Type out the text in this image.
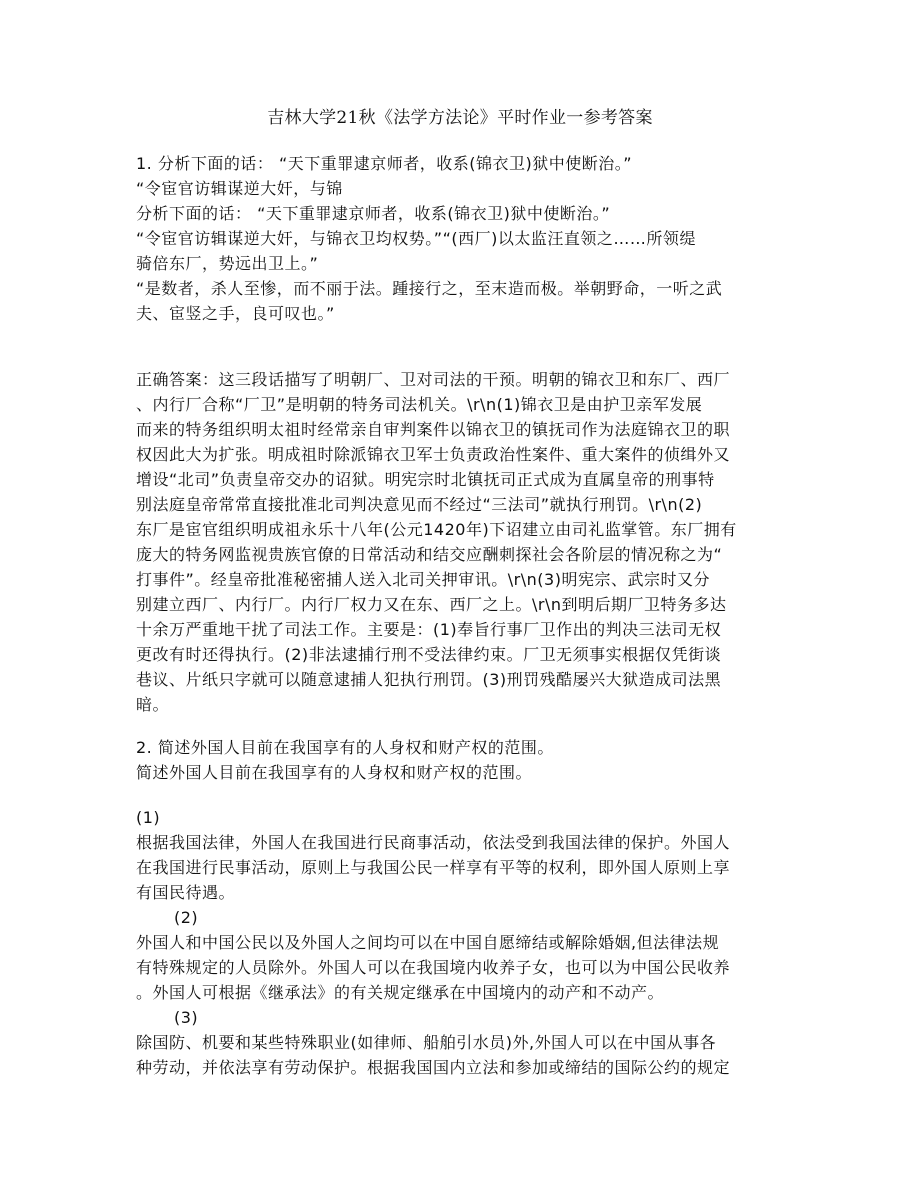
吉林大学21秋《法学方法论》平时作业一参考答案
1. 分析下面的话： “天下重罪逮京师者，收系(锦衣卫)狱中使断治。”
“令宦官访辑谋逆大奸，与锦
分析下面的话： “天下重罪逮京师者，收系(锦衣卫)狱中使断治。”
“令宦官访辑谋逆大奸，与锦衣卫均权势。”“(西厂)以太监汪直领之……所领缇
骑倍东厂，势远出卫上。”
“是数者，杀人至惨，而不丽于法。踵接行之，至末造而极。举朝野命，一听之武
夫、宦竖之手，良可叹也。”
正确答案：这三段话描写了明朝厂、卫对司法的干预。明朝的锦衣卫和东厂、西厂
、内行厂合称“厂卫”是明朝的特务司法机关。\r\n(1)锦衣卫是由护卫亲军发展
而来的特务组织明太祖时经常亲自审判案件以锦衣卫的镇抚司作为法庭锦衣卫的职
权因此大为扩张。明成祖时除派锦衣卫军士负责政治性案件、重大案件的侦缉外又
增设“北司”负责皇帝交办的诏狱。明宪宗时北镇抚司正式成为直属皇帝的刑事特
别法庭皇帝常常直接批准北司判决意见而不经过“三法司”就执行刑罚。\r\n(2)
东厂是宦官组织明成祖永乐十八年(公元1420年)下诏建立由司礼监掌管。东厂拥有
庞大的特务网监视贵族官僚的日常活动和结交应酬刺探社会各阶层的情况称之为“
打事件”。经皇帝批准秘密捕人送入北司关押审讯。\r\n(3)明宪宗、武宗时又分
别建立西厂、内行厂。内行厂权力又在东、西厂之上。\r\n到明后期厂卫特务多达
十余万严重地干扰了司法工作。主要是：(1)奉旨行事厂卫作出的判决三法司无权
更改有时还得执行。(2)非法逮捕行刑不受法律约束。厂卫无须事实根据仅凭街谈
巷议、片纸只字就可以随意逮捕人犯执行刑罚。(3)刑罚残酷屡兴大狱造成司法黑
暗。
2. 简述外国人目前在我国享有的人身权和财产权的范围。
简述外国人目前在我国享有的人身权和财产权的范围。
(1)
根据我国法律，外国人在我国进行民商事活动，依法受到我国法律的保护。外国人
在我国进行民事活动，原则上与我国公民一样享有平等的权利，即外国人原则上享
有国民待遇。
(2)
外国人和中国公民以及外国人之间均可以在中国自愿缔结或解除婚姻,但法律法规
有特殊规定的人员除外。外国人可以在我国境内收养子女，也可以为中国公民收养
。外国人可根据《继承法》的有关规定继承在中国境内的动产和不动产。
(3)
除国防、机要和某些特殊职业(如律师、船舶引水员)外,外国人可以在中国从事各
种劳动，并依法享有劳动保护。根据我国国内立法和参加或缔结的国际公约的规定
